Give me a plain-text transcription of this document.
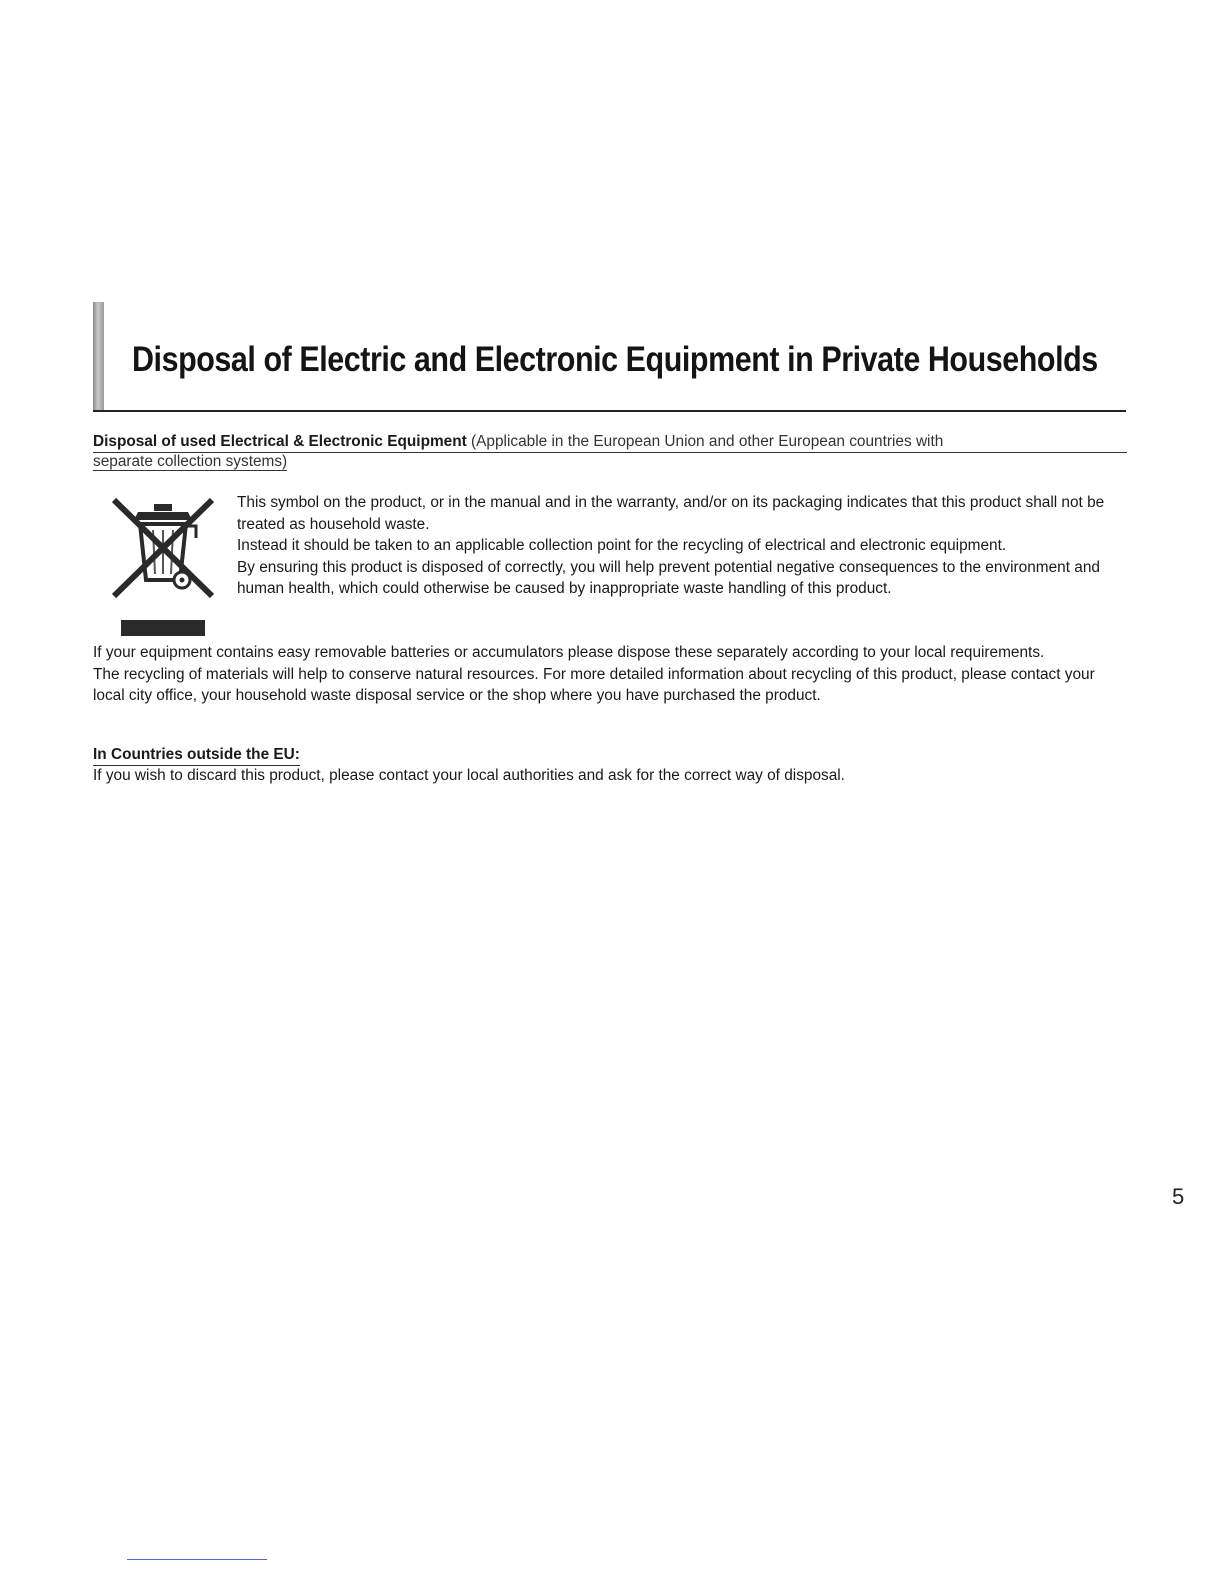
Disposal of Electric and Electronic Equipment in Private Households
Disposal of used Electrical & Electronic Equipment (Applicable in the European Union and other European countries with
separate collection systems)

This symbol on the product, or in the manual and in the warranty, and/or on its packaging indicates that this product shall not be treated as household waste.

Instead it should be taken to an applicable collection point for the recycling of electrical and electronic equipment.

By ensuring this product is disposed of correctly, you will help prevent potential negative consequences to the environment and human health, which could otherwise be caused by inappropriate waste handling of this product.

If your equipment contains easy removable batteries or accumulators please dispose these separately according to your local requirements.

The recycling of materials will help to conserve natural resources. For more detailed information about recycling of this product, please contact your local city office, your household waste disposal service or the shop where you have purchased the product.

In Countries outside the EU:
If you wish to discard this product, please contact your local authorities and ask for the correct way of disposal.
5
